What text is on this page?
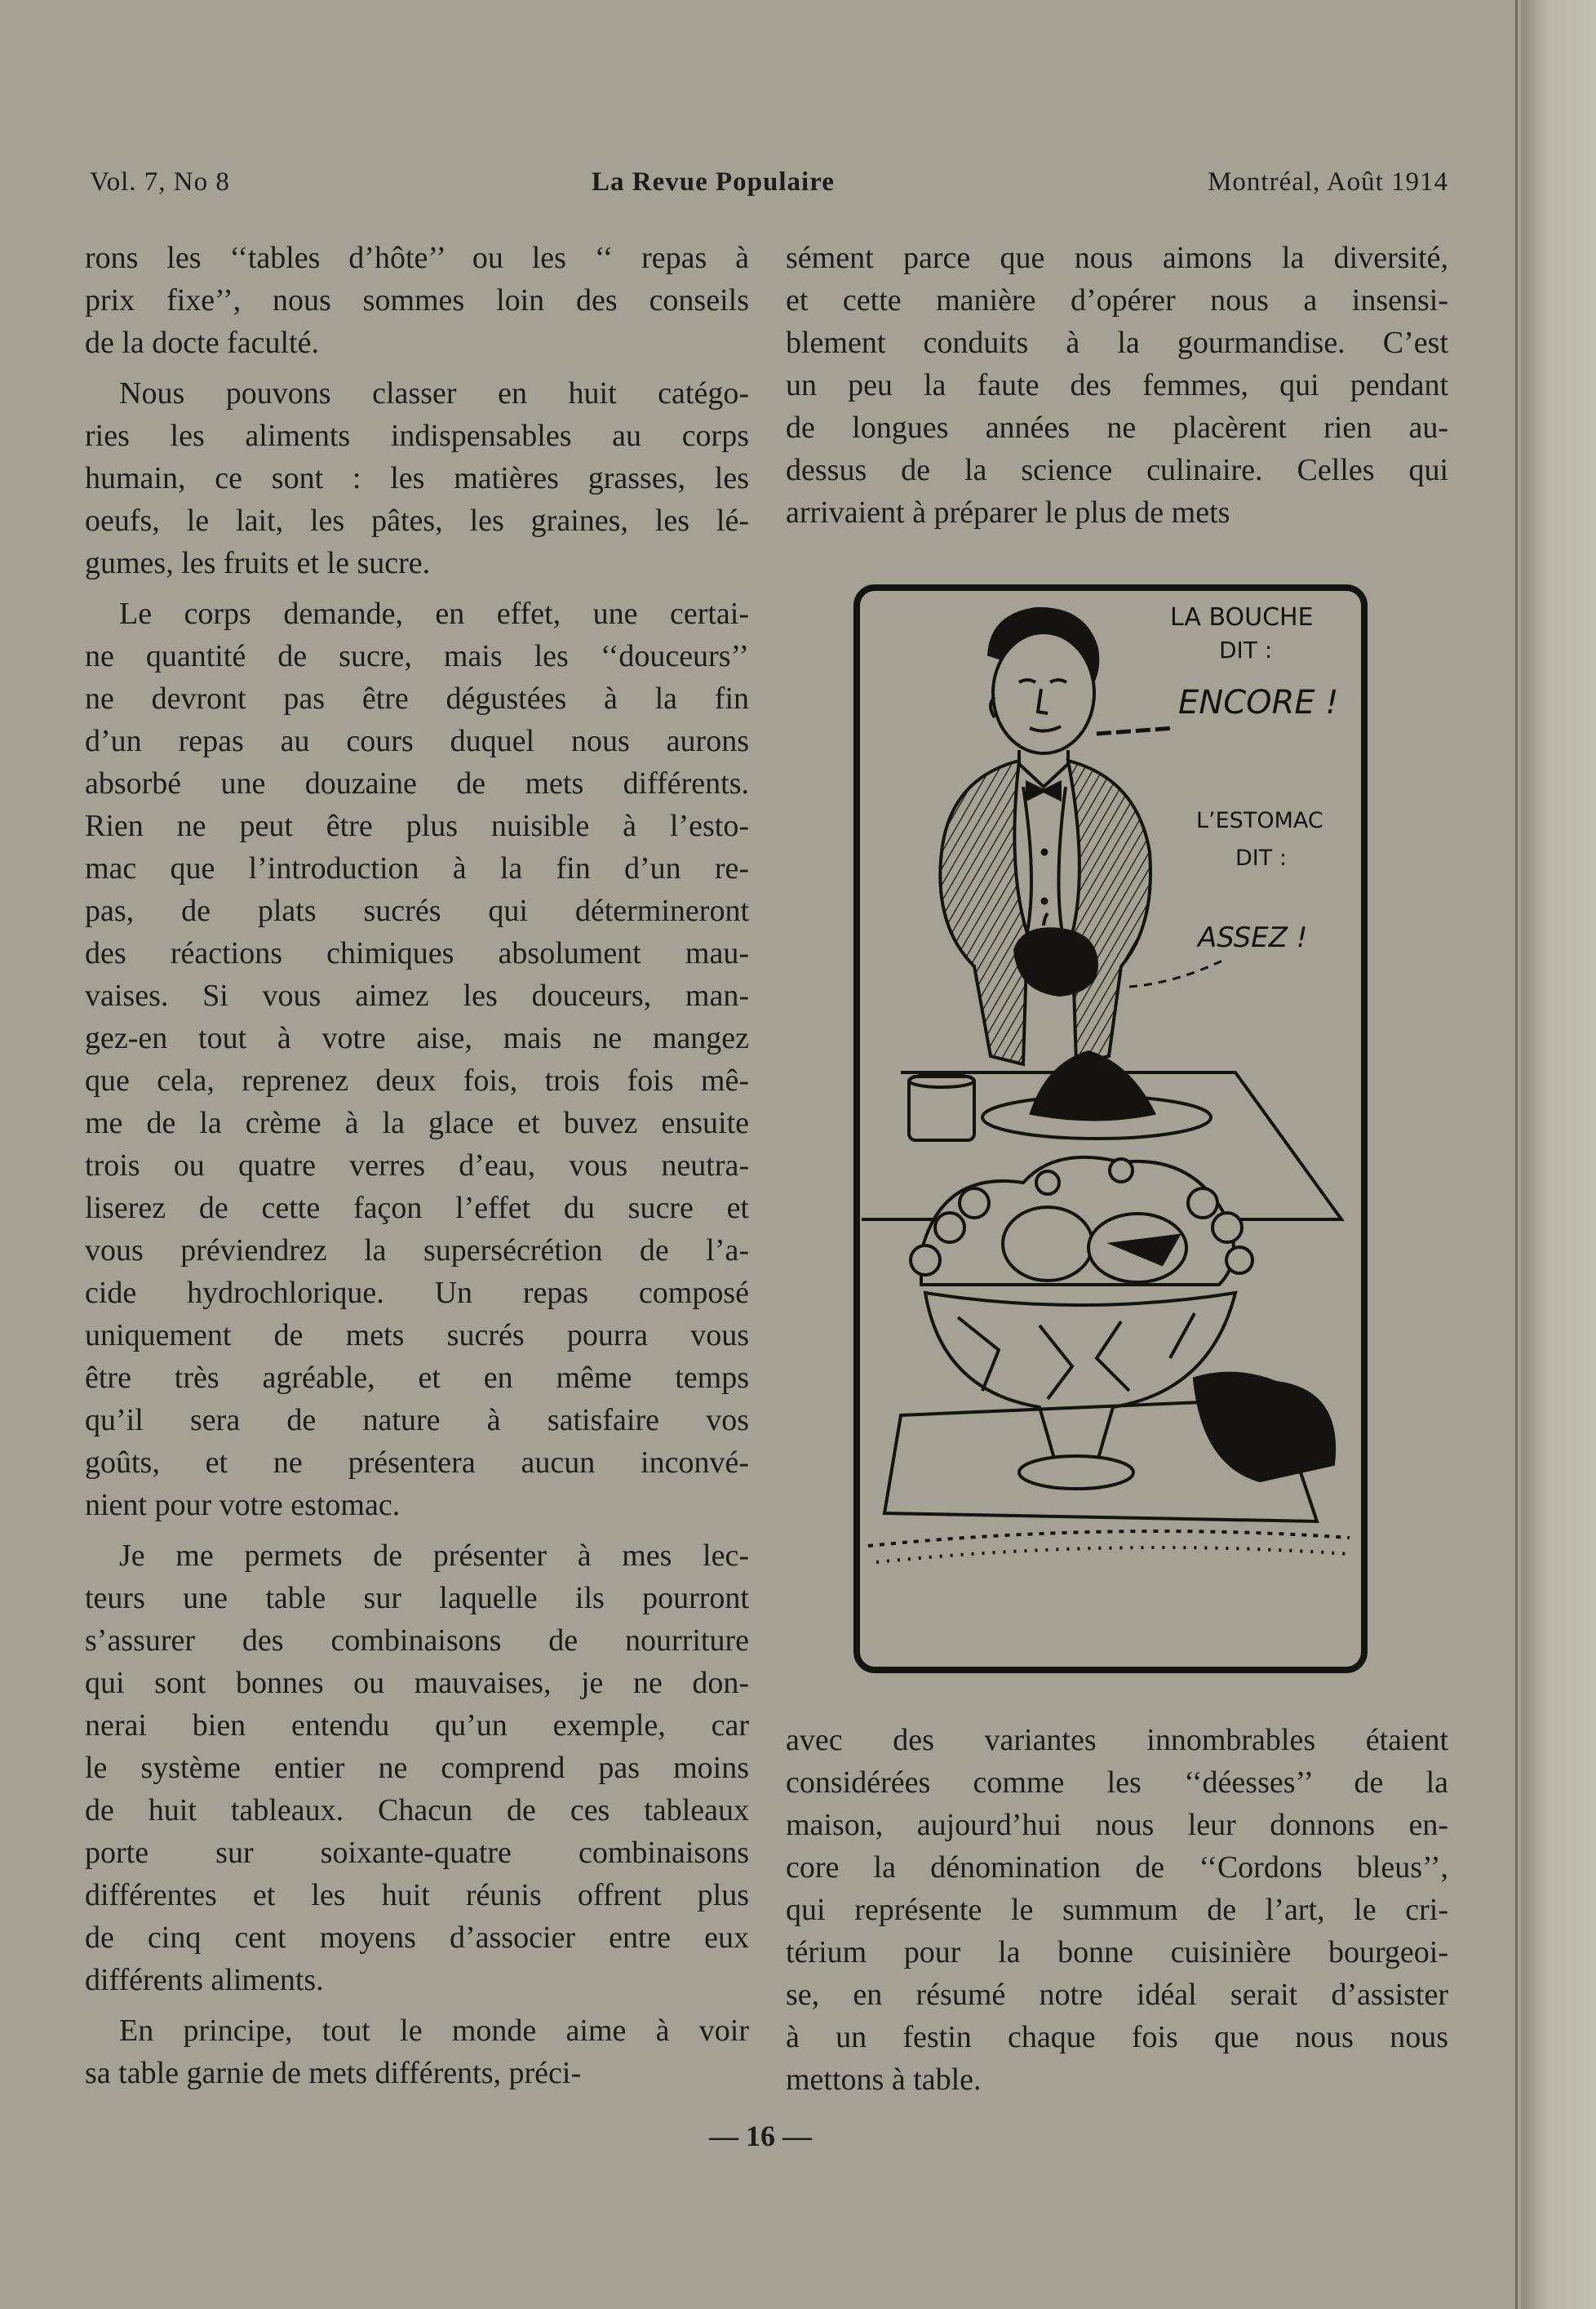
Vol. 7, No 8	La Revue Populaire	Montréal, Août 1914
rons les ‘‘tables d’hôte’’ ou les ‘‘ repas à
prix fixe’’, nous sommes loin des conseils
de la docte faculté.
Nous pouvons classer en huit catégo-
ries les aliments indispensables au corps
humain, ce sont : les matières grasses, les
oeufs, le lait, les pâtes, les graines, les lé-
gumes, les fruits et le sucre.
Le corps demande, en effet, une certai-
ne quantité de sucre, mais les ‘‘douceurs’’
ne devront pas être dégustées à la fin
d’un repas au cours duquel nous aurons
absorbé une douzaine de mets différents.
Rien ne peut être plus nuisible à l’esto-
mac que l’introduction à la fin d’un re-
pas, de plats sucrés qui détermineront
des réactions chimiques absolument mau-
vaises. Si vous aimez les douceurs, man-
gez-en tout à votre aise, mais ne mangez
que cela, reprenez deux fois, trois fois mê-
me de la crème à la glace et buvez ensuite
trois ou quatre verres d’eau, vous neutra-
liserez de cette façon l’effet du sucre et
vous préviendrez la supersécrétion de l’a-
cide hydrochlorique. Un repas composé
uniquement de mets sucrés pourra vous
être très agréable, et en même temps
qu’il sera de nature à satisfaire vos
goûts, et ne présentera aucun inconvé-
nient pour votre estomac.
Je me permets de présenter à mes lec-
teurs une table sur laquelle ils pourront
s’assurer des combinaisons de nourriture
qui sont bonnes ou mauvaises, je ne don-
nerai bien entendu qu’un exemple, car
le système entier ne comprend pas moins
de huit tableaux. Chacun de ces tableaux
porte sur soixante-quatre combinaisons
différentes et les huit réunis offrent plus
de cinq cent moyens d’associer entre eux
différents aliments.
En principe, tout le monde aime à voir
sa table garnie de mets différents, préci-
sément parce que nous aimons la diversité,
et cette manière d’opérer nous a insensi-
blement conduits à la gourmandise. C’est
un peu la faute des femmes, qui pendant
de longues années ne placèrent rien au-
dessus de la science culinaire. Celles qui
arrivaient à préparer le plus de mets
avec des variantes innombrables étaient
considérées comme les ‘‘déesses’’ de la
maison, aujourd’hui nous leur donnons en-
core la dénomination de ‘‘Cordons bleus’’,
qui représente le summum de l’art, le cri-
térium pour la bonne cuisinière bourgeoi-
se, en résumé notre idéal serait d’assister
à un festin chaque fois que nous nous
mettons à table.
LA BOUCHE
DIT :
ENCORE !
L’ESTOMAC
DIT :
ASSEZ !
— 16 —
